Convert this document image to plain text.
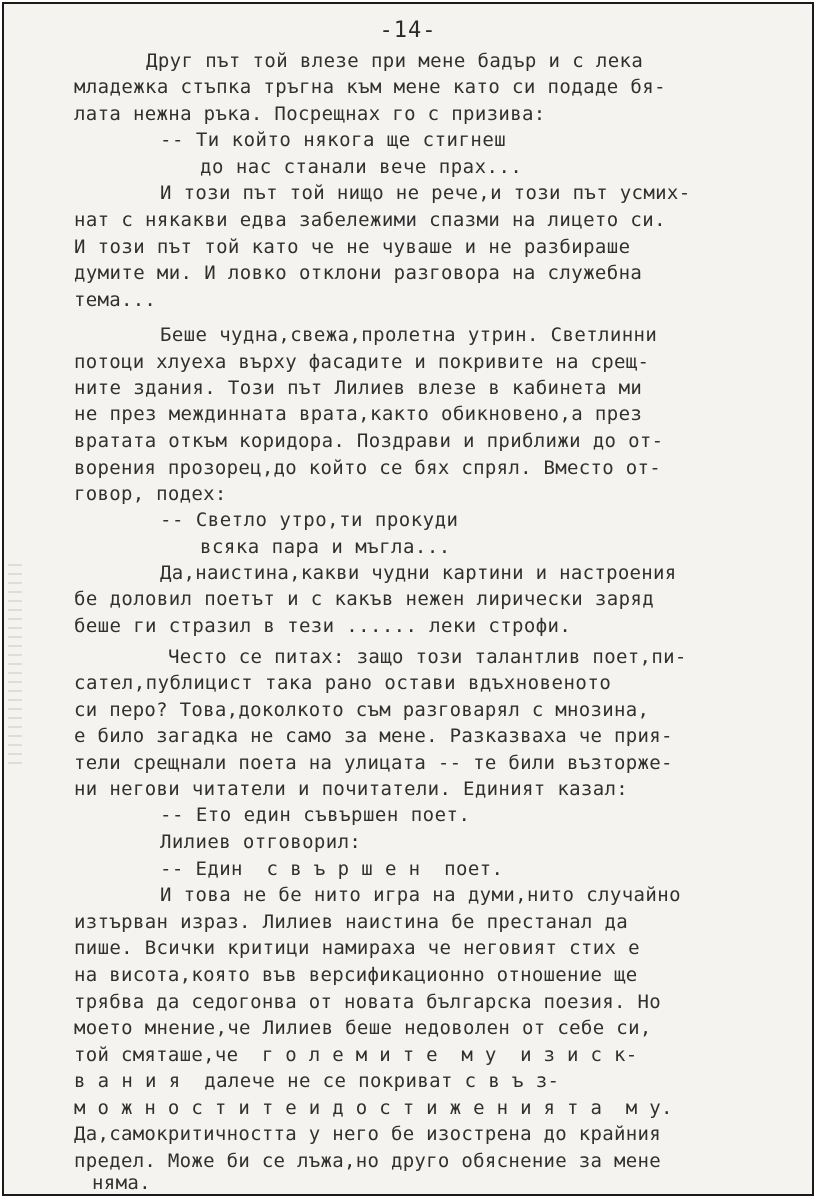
-14-
Друг път той влезе при мене бадър и с лека
младежка стъпка тръгна към мене като си подаде бя-
лата нежна ръка. Посрещнах го с призива:
-- Ти който някога ще стигнеш
до нас станали вече прах...
И този път той нищо не рече,и този път усмих-
нат с някакви едва забележими спазми на лицето си.
И този път той като че не чуваше и не разбираше
думите ми. И ловко отклони разговора на служебна
тема...
Беше чудна,свежа,пролетна утрин. Светлинни
потоци хлуеха върху фасадите и покривите на срещ-
ните здания. Този път Лилиев влезе в кабинета ми
не през междинната врата,както обикновено,а през
вратата откъм коридора. Поздрави и приближи до от-
ворения прозорец,до който се бях спрял. Вместо от-
говор, подех:
-- Светло утро,ти прокуди
всяка пара и мъгла...
Да,наистина,какви чудни картини и настроения
бе доловил поетът и с какъв нежен лирически заряд
беше ги стразил в тези ...... леки строфи.
Често се питах: защо този талантлив поет,пи-
сател,публицист така рано остави вдъхновеното
си перо? Това,доколкото съм разговарял с мнозина,
е било загадка не само за мене. Разказваха че прия-
тели срещнали поета на улицата -- те били възторже-
ни негови читатели и почитатели. Единият казал:
-- Ето един съвършен поет.
Лилиев отговорил:
-- Един  с в ъ р ш е н  поет.
И това не бе нито игра на думи,нито случайно
изтърван израз. Лилиев наистина бе престанал да
пише. Всички критици намираха че неговият стих е
на висота,която във версификационно отношение ще
трябва да седогонва от новата българска поезия. Но
моето мнение,че Лилиев беше недоволен от себе си,
той смяташе,че  г о л е м и т е  м у  и з и с к-
в а н и я  далече не се покриват с в ъ з-
м о ж н о с т и т е и д о с т и ж е н и я т а  м у.
Да,самокритичността у него бе изострена до крайния
предел. Може би се лъжа,но друго обяснение за мене
няма.
